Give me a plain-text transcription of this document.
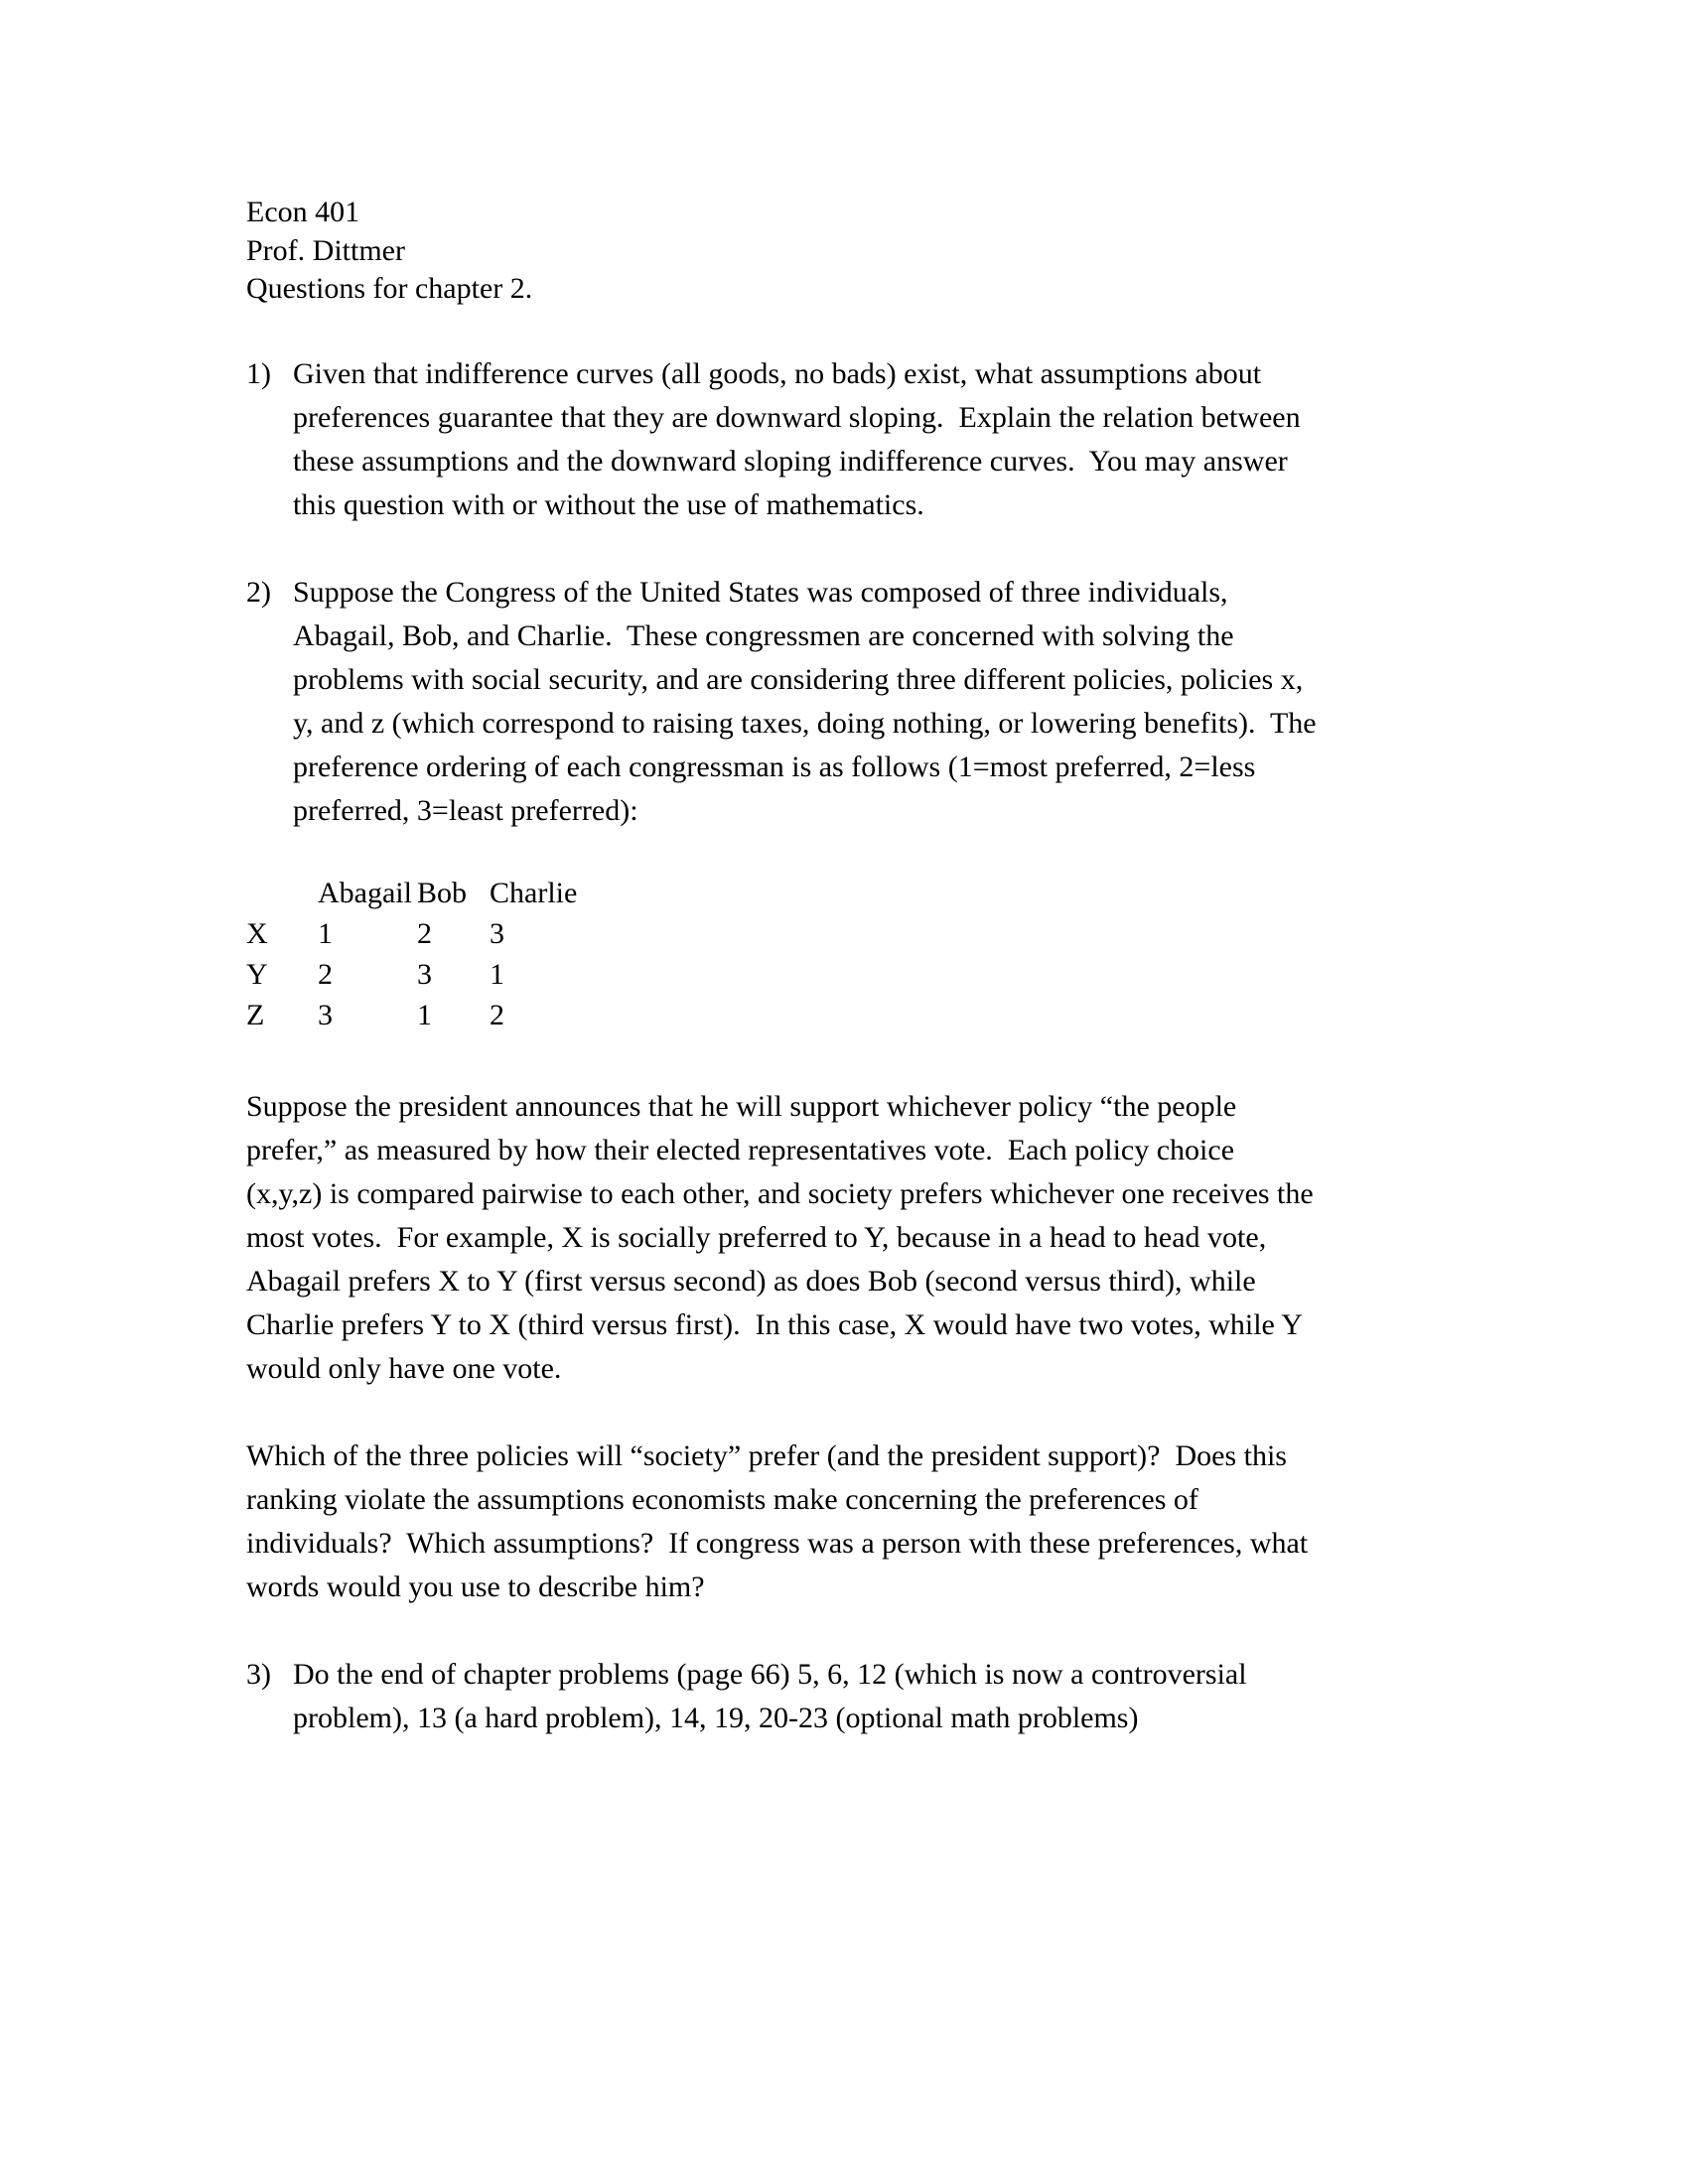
Econ 401
Prof. Dittmer
Questions for chapter 2.
1) Given that indifference curves (all goods, no bads) exist, what assumptions about
preferences guarantee that they are downward sloping.  Explain the relation between
these assumptions and the downward sloping indifference curves.  You may answer
this question with or without the use of mathematics.
2) Suppose the Congress of the United States was composed of three individuals,
Abagail, Bob, and Charlie.  These congressmen are concerned with solving the
problems with social security, and are considering three different policies, policies x,
y, and z (which correspond to raising taxes, doing nothing, or lowering benefits).  The
preference ordering of each congressman is as follows (1=most preferred, 2=less
preferred, 3=least preferred):
	Abagail	Bob	Charlie
X	1	2	3
Y	2	3	1
Z	3	1	2
Suppose the president announces that he will support whichever policy “the people
prefer,” as measured by how their elected representatives vote.  Each policy choice
(x,y,z) is compared pairwise to each other, and society prefers whichever one receives the
most votes.  For example, X is socially preferred to Y, because in a head to head vote,
Abagail prefers X to Y (first versus second) as does Bob (second versus third), while
Charlie prefers Y to X (third versus first).  In this case, X would have two votes, while Y
would only have one vote.
Which of the three policies will “society” prefer (and the president support)?  Does this
ranking violate the assumptions economists make concerning the preferences of
individuals?  Which assumptions?  If congress was a person with these preferences, what
words would you use to describe him?
3) Do the end of chapter problems (page 66) 5, 6, 12 (which is now a controversial
problem), 13 (a hard problem), 14, 19, 20-23 (optional math problems)
